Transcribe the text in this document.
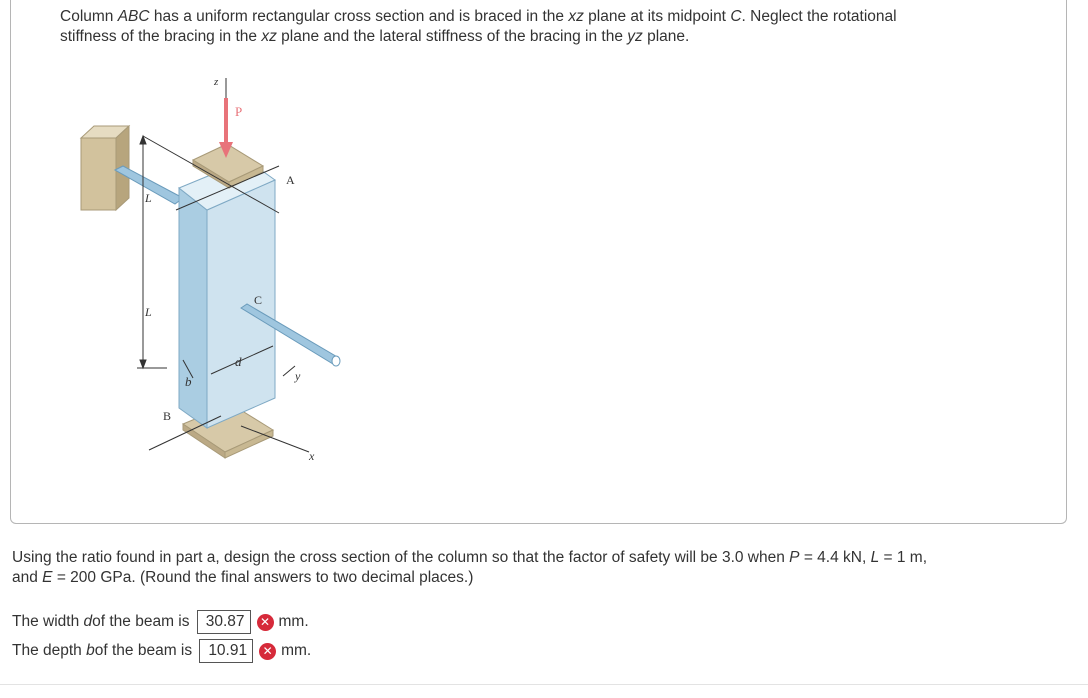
Column ABC has a uniform rectangular cross section and is braced in the xz plane at its midpoint C. Neglect the rotational
stiffness of the bracing in the xz plane and the lateral stiffness of the bracing in the yz plane.
z
P
A
L
L
C
b
d
y
B
x
Using the ratio found in part a, design the cross section of the column so that the factor of safety will be 3.0 when P = 4.4 kN, L = 1 m,
and E = 200 GPa. (Round the final answers to two decimal places.)
The width
d of the beam is	30.87	✕ mm.
The depth
b of the beam is	10.91	✕ mm.
